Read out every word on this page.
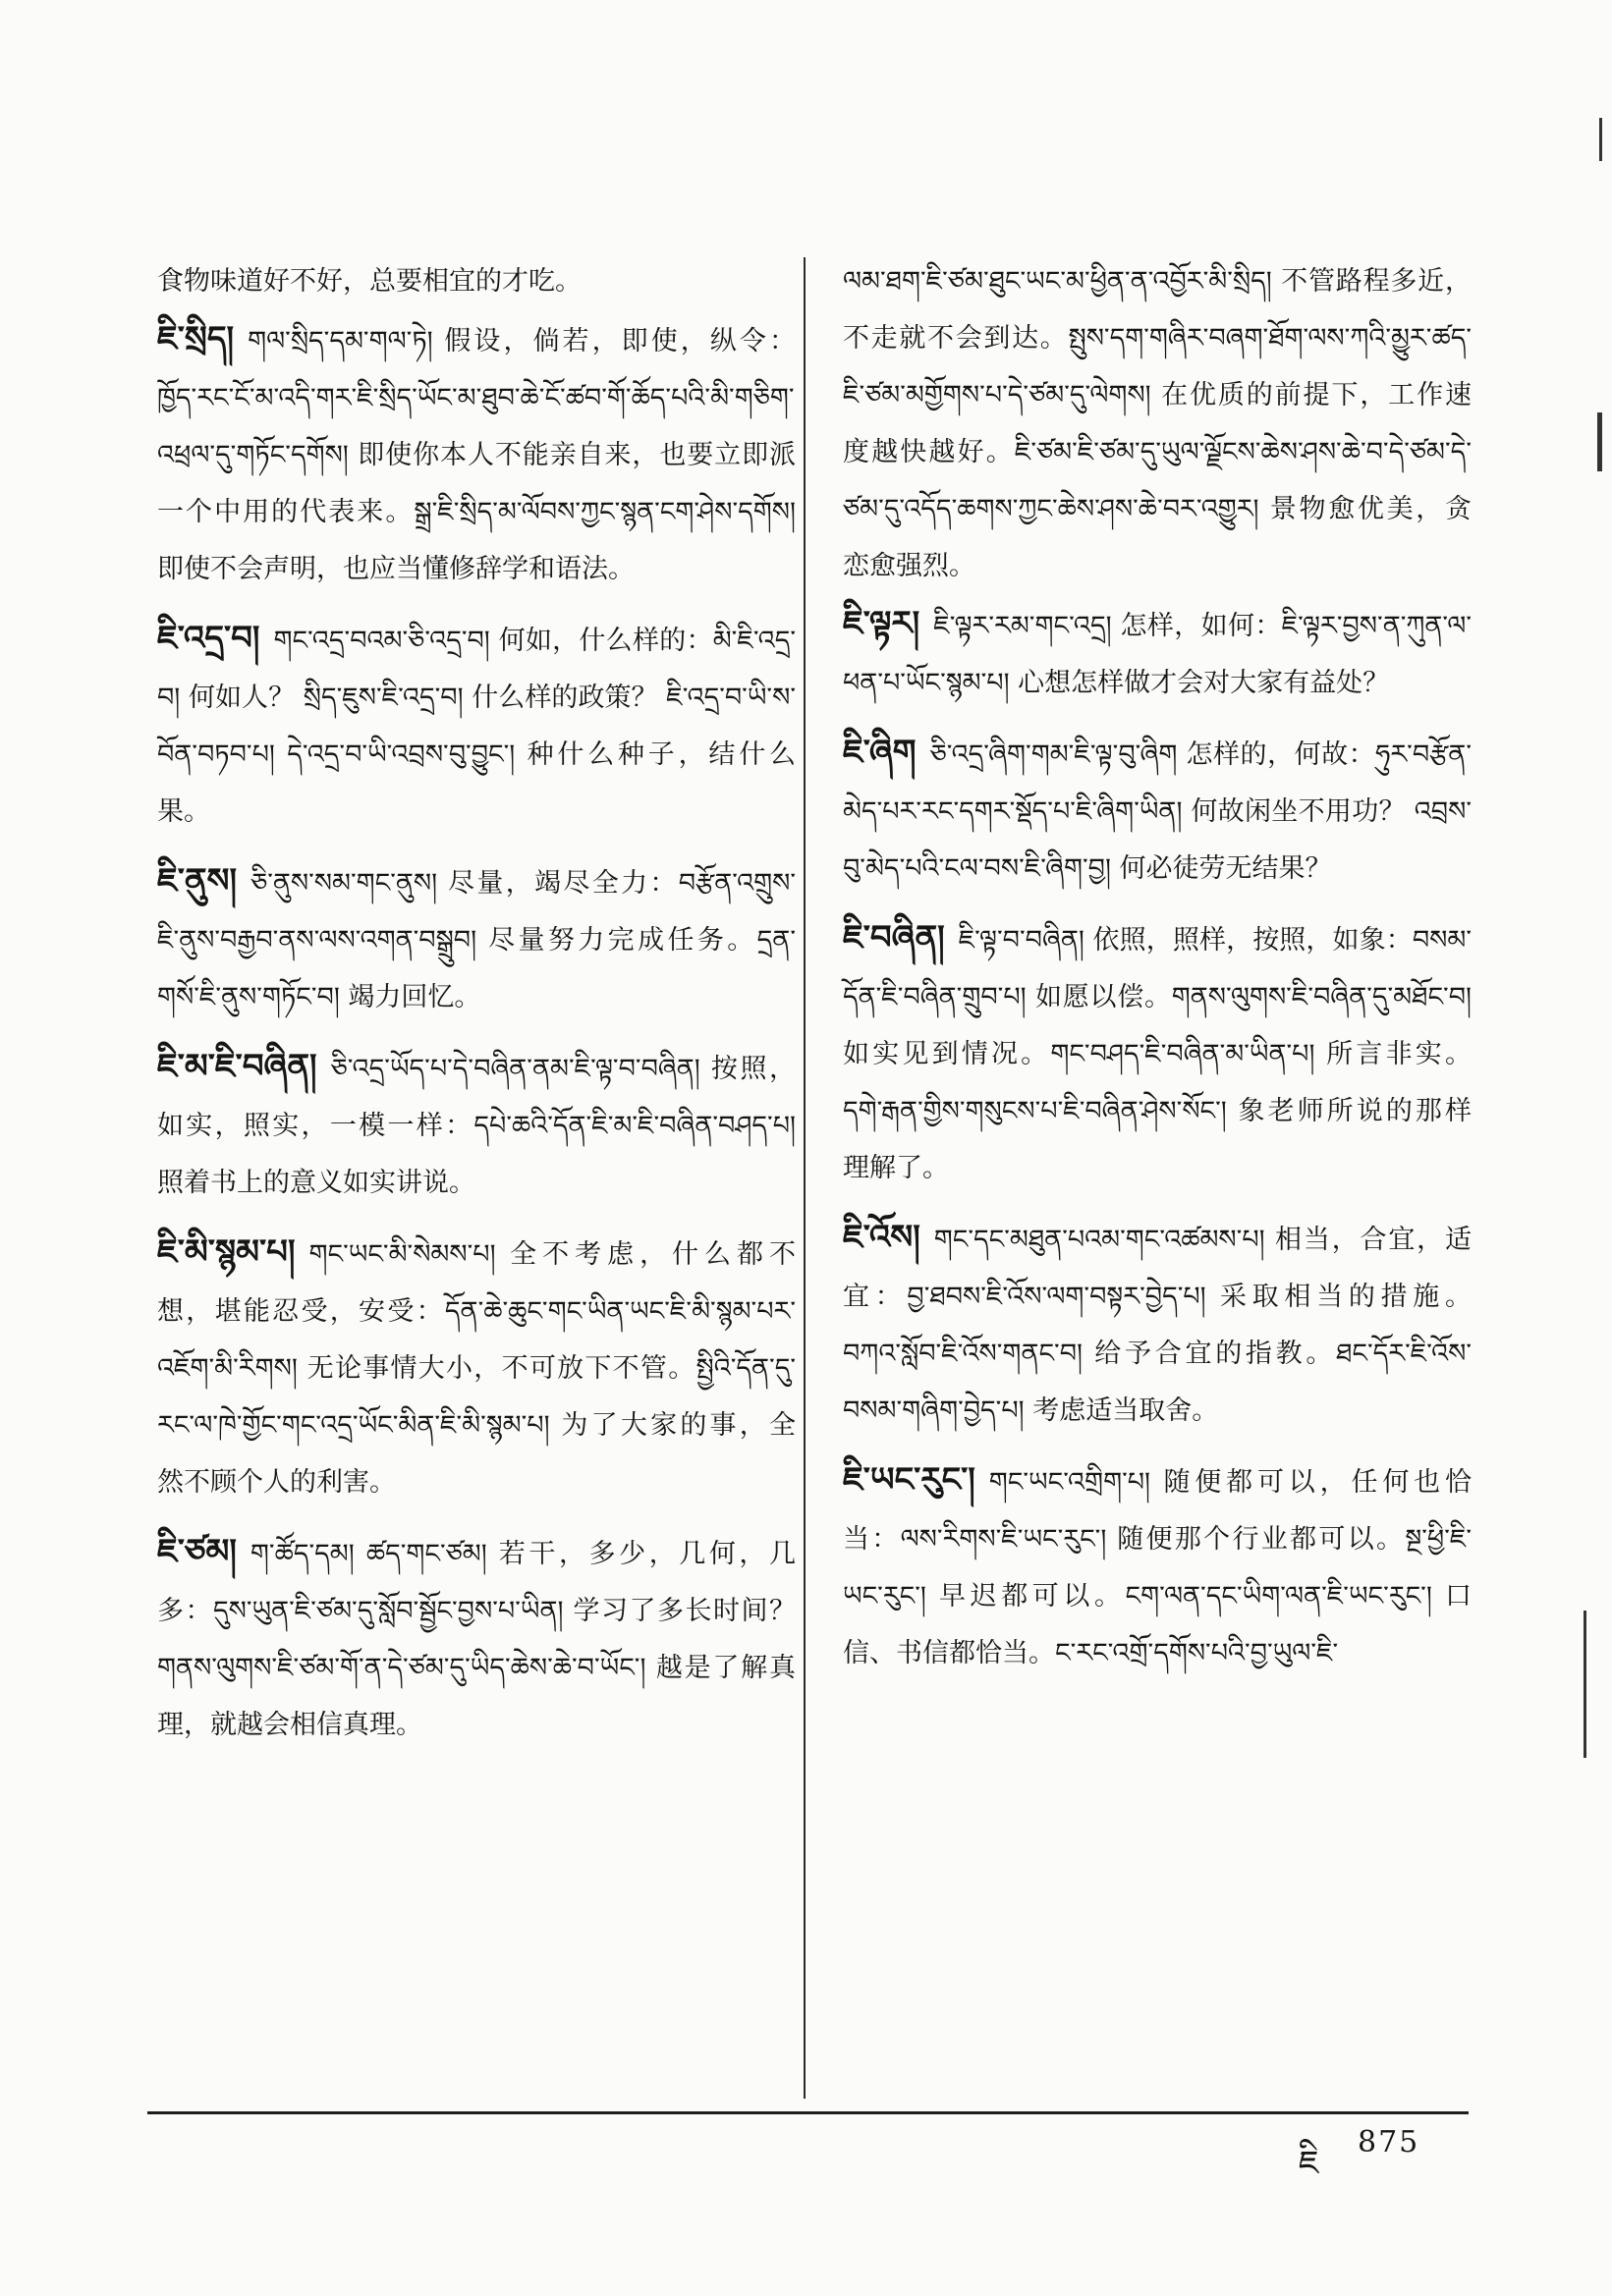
食物味道好不好，总要相宜的才吃。

ཇི་སྲིད། གལ་སྲིད་དམ་གལ་ཏེ། 假设，倘若，即使，纵令：ཁྱོད་རང་ངོ་མ་འདི་གར་ཇི་སྲིད་ཡོང་མ་ཐུབ་ཆེ་ངོ་ཚབ་གོ་ཆོད་པའི་མི་གཅིག་འཕྲལ་དུ་གཏོང་དགོས། 即使你本人不能亲自来，也要立即派一个中用的代表来。སྒྲ་ཇི་སྲིད་མ་ལོབས་ཀྱང་སྙན་ངག་ཤེས་དགོས། 即使不会声明，也应当懂修辞学和语法。

ཇི་འདྲ་བ། གང་འདྲ་བའམ་ཅི་འདྲ་བ། 何如，什么样的：མི་ཇི་འདྲ་བ། 何如人？ སྲིད་ཇུས་ཇི་འདྲ་བ། 什么样的政策？ ཇི་འདྲ་བ་ཡི་ས་བོན་བཏབ་པ། དེ་འདྲ་བ་ཡི་འབྲས་བུ་བྱུང་། 种什么种子，结什么果。

ཇི་ནུས། ཅི་ནུས་སམ་གང་ནུས། 尽量，竭尽全力：བརྩོན་འགྲུས་ཇི་ནུས་བརྒྱབ་ནས་ལས་འགན་བསྒྲུབ། 尽量努力完成任务。དྲན་གསོ་ཇི་ནུས་གཏོང་བ། 竭力回忆。

ཇི་མ་ཇི་བཞིན། ཅི་འདྲ་ཡོད་པ་དེ་བཞིན་ནམ་ཇི་ལྟ་བ་བཞིན། 按照，如实，照实，一模一样：དཔེ་ཆའི་དོན་ཇི་མ་ཇི་བཞིན་བཤད་པ། 照着书上的意义如实讲说。

ཇི་མི་སྙམ་པ། གང་ཡང་མི་སེམས་པ། 全不考虑，什么都不想，堪能忍受，安受：དོན་ཆེ་ཆུང་གང་ཡིན་ཡང་ཇི་མི་སྙམ་པར་འཇོག་མི་རིགས། 无论事情大小，不可放下不管。སྤྱིའི་དོན་དུ་རང་ལ་ཁེ་གྱོང་གང་འདྲ་ཡོང་མིན་ཇི་མི་སྙམ་པ། 为了大家的事，全然不顾个人的利害。

ཇི་ཙམ། ག་ཚོད་དམ། ཚད་གང་ཙམ། 若干，多少，几何，几多：དུས་ཡུན་ཇི་ཙམ་དུ་སློབ་སྦྱོང་བྱས་པ་ཡིན། 学习了多长时间？ གནས་ལུགས་ཇི་ཙམ་གོ་ན་དེ་ཙམ་དུ་ཡིད་ཆེས་ཆེ་བ་ཡོང་། 越是了解真理，就越会相信真理。

ལམ་ཐག་ཇི་ཙམ་ཐུང་ཡང་མ་ཕྱིན་ན་འབྱོར་མི་སྲིད། 不管路程多近，不走就不会到达。སྤུས་དག་གཞིར་བཞག་ཐོག་ལས་ཀའི་མྱུར་ཚད་ཇི་ཙམ་མགྱོགས་པ་དེ་ཙམ་དུ་ལེགས། 在优质的前提下，工作速度越快越好。ཇི་ཙམ་ཇི་ཙམ་དུ་ཡུལ་ལྗོངས་ཆེས་ཤས་ཆེ་བ་དེ་ཙམ་དེ་ཙམ་དུ་འདོད་ཆགས་ཀྱང་ཆེས་ཤས་ཆེ་བར་འགྱུར། 景物愈优美，贪恋愈强烈。

ཇི་ལྟར། ཇི་ལྟར་རམ་གང་འདྲ། 怎样，如何：ཇི་ལྟར་བྱས་ན་ཀུན་ལ་ཕན་པ་ཡོང་སྙམ་པ། 心想怎样做才会对大家有益处？

ཇི་ཞིག ཅི་འདྲ་ཞིག་གམ་ཇི་ལྟ་བུ་ཞིག 怎样的，何故：ཧུར་བརྩོན་མེད་པར་རང་དགར་སྡོད་པ་ཇི་ཞིག་ཡིན། 何故闲坐不用功？ འབྲས་བུ་མེད་པའི་ངལ་བས་ཇི་ཞིག་བྱ། 何必徒劳无结果？

ཇི་བཞིན། ཇི་ལྟ་བ་བཞིན། 依照，照样，按照，如象：བསམ་དོན་ཇི་བཞིན་གྲུབ་པ། 如愿以偿。གནས་ལུགས་ཇི་བཞིན་དུ་མཐོང་བ། 如实见到情况。གང་བཤད་ཇི་བཞིན་མ་ཡིན་པ། 所言非实。དགེ་རྒན་གྱིས་གསུངས་པ་ཇི་བཞིན་ཤེས་སོང་། 象老师所说的那样理解了。

ཇི་འོས། གང་དང་མཐུན་པའམ་གང་འཚམས་པ། 相当，合宜，适宜：བྱ་ཐབས་ཇི་འོས་ལག་བསྟར་བྱེད་པ། 采取相当的措施。བཀའ་སློབ་ཇི་འོས་གནང་བ། 给予合宜的指教。ཐང་དོར་ཇི་འོས་བསམ་གཞིག་བྱེད་པ། 考虑适当取舍。

ཇི་ཡང་རུང་། གང་ཡང་འགྲིག་པ། 随便都可以，任何也恰当：ལས་རིགས་ཇི་ཡང་རུང་། 随便那个行业都可以。སྔ་ཕྱི་ཇི་ཡང་རུང་། 早迟都可以。ངག་ལན་དང་ཡིག་ལན་ཇི་ཡང་རུང་། 口信、书信都恰当。ང་རང་འགྲོ་དགོས་པའི་བྱ་ཡུལ་ཇི་

ཇི
875
